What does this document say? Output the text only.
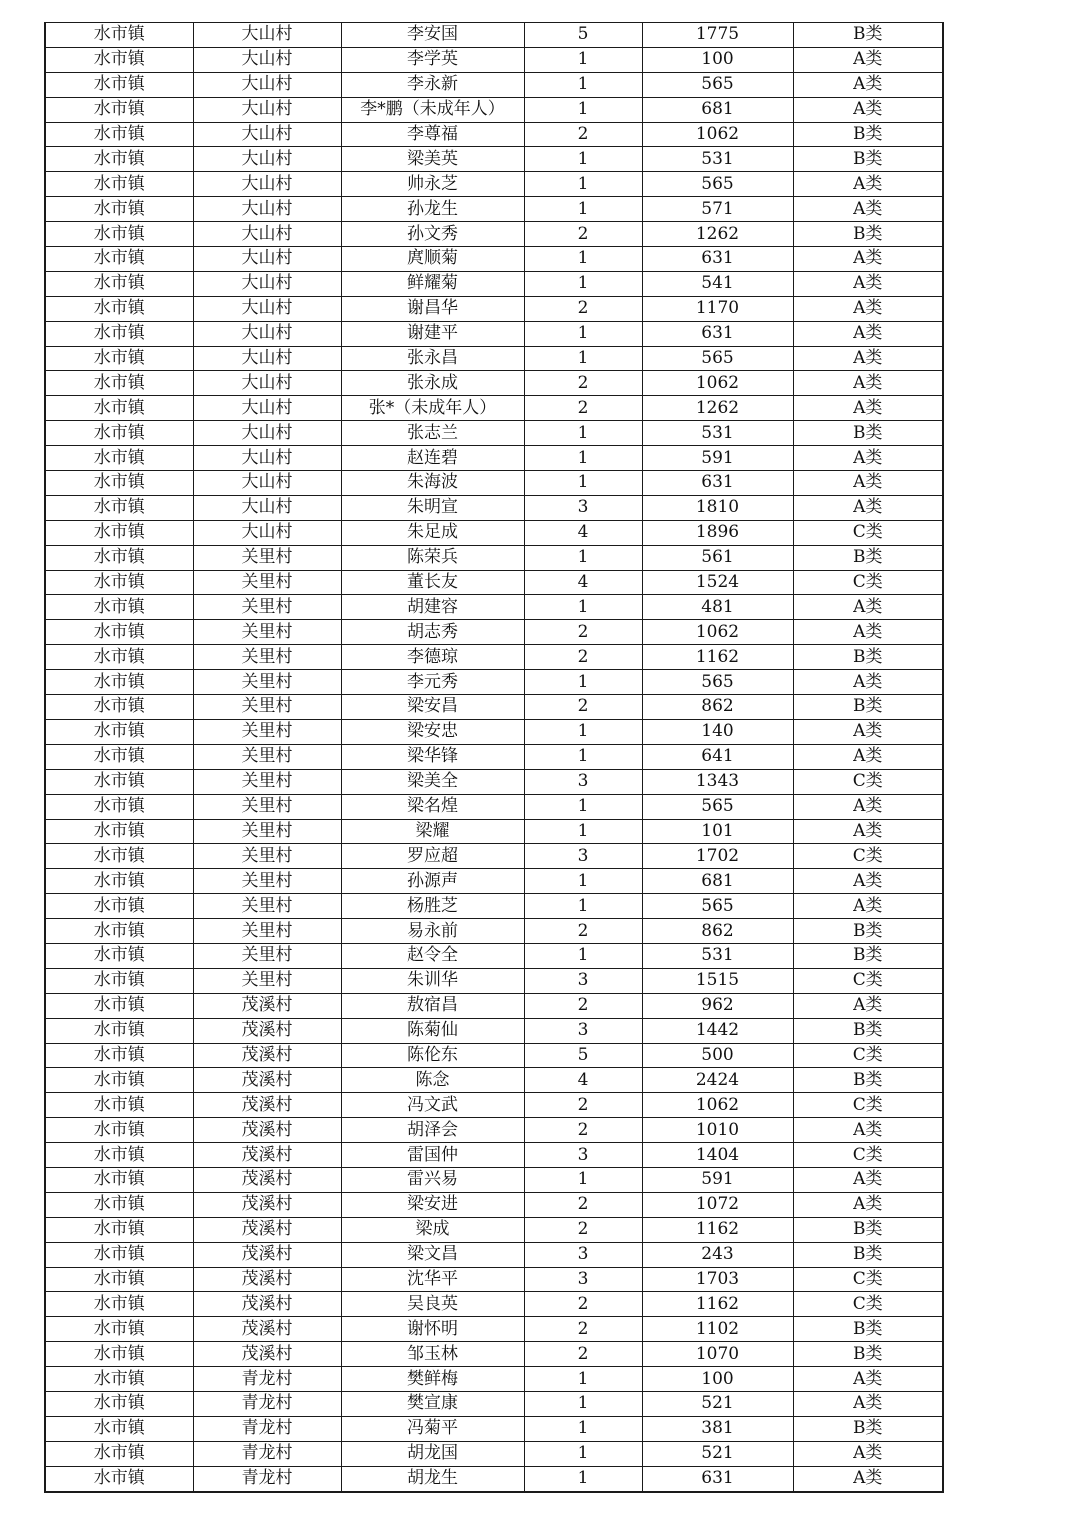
水市镇	大山村	李安国	5	1775	B类
水市镇	大山村	李学英	1	100	A类
水市镇	大山村	李永新	1	565	A类
水市镇	大山村	李*鹏（未成年人）	1	681	A类
水市镇	大山村	李尊福	2	1062	B类
水市镇	大山村	梁美英	1	531	B类
水市镇	大山村	帅永芝	1	565	A类
水市镇	大山村	孙龙生	1	571	A类
水市镇	大山村	孙文秀	2	1262	B类
水市镇	大山村	庹顺菊	1	631	A类
水市镇	大山村	鲜耀菊	1	541	A类
水市镇	大山村	谢昌华	2	1170	A类
水市镇	大山村	谢建平	1	631	A类
水市镇	大山村	张永昌	1	565	A类
水市镇	大山村	张永成	2	1062	A类
水市镇	大山村	张*（未成年人）	2	1262	A类
水市镇	大山村	张志兰	1	531	B类
水市镇	大山村	赵连碧	1	591	A类
水市镇	大山村	朱海波	1	631	A类
水市镇	大山村	朱明宣	3	1810	A类
水市镇	大山村	朱足成	4	1896	C类
水市镇	关里村	陈荣兵	1	561	B类
水市镇	关里村	董长友	4	1524	C类
水市镇	关里村	胡建容	1	481	A类
水市镇	关里村	胡志秀	2	1062	A类
水市镇	关里村	李德琼	2	1162	B类
水市镇	关里村	李元秀	1	565	A类
水市镇	关里村	梁安昌	2	862	B类
水市镇	关里村	梁安忠	1	140	A类
水市镇	关里村	梁华锋	1	641	A类
水市镇	关里村	梁美全	3	1343	C类
水市镇	关里村	梁名煌	1	565	A类
水市镇	关里村	梁耀	1	101	A类
水市镇	关里村	罗应超	3	1702	C类
水市镇	关里村	孙源声	1	681	A类
水市镇	关里村	杨胜芝	1	565	A类
水市镇	关里村	易永前	2	862	B类
水市镇	关里村	赵令全	1	531	B类
水市镇	关里村	朱训华	3	1515	C类
水市镇	茂溪村	敖宿昌	2	962	A类
水市镇	茂溪村	陈菊仙	3	1442	B类
水市镇	茂溪村	陈伦东	5	500	C类
水市镇	茂溪村	陈念	4	2424	B类
水市镇	茂溪村	冯文武	2	1062	C类
水市镇	茂溪村	胡泽会	2	1010	A类
水市镇	茂溪村	雷国仲	3	1404	C类
水市镇	茂溪村	雷兴易	1	591	A类
水市镇	茂溪村	梁安进	2	1072	A类
水市镇	茂溪村	梁成	2	1162	B类
水市镇	茂溪村	梁文昌	3	243	B类
水市镇	茂溪村	沈华平	3	1703	C类
水市镇	茂溪村	吴良英	2	1162	C类
水市镇	茂溪村	谢怀明	2	1102	B类
水市镇	茂溪村	邹玉林	2	1070	B类
水市镇	青龙村	樊鲜梅	1	100	A类
水市镇	青龙村	樊宣康	1	521	A类
水市镇	青龙村	冯菊平	1	381	B类
水市镇	青龙村	胡龙国	1	521	A类
水市镇	青龙村	胡龙生	1	631	A类
